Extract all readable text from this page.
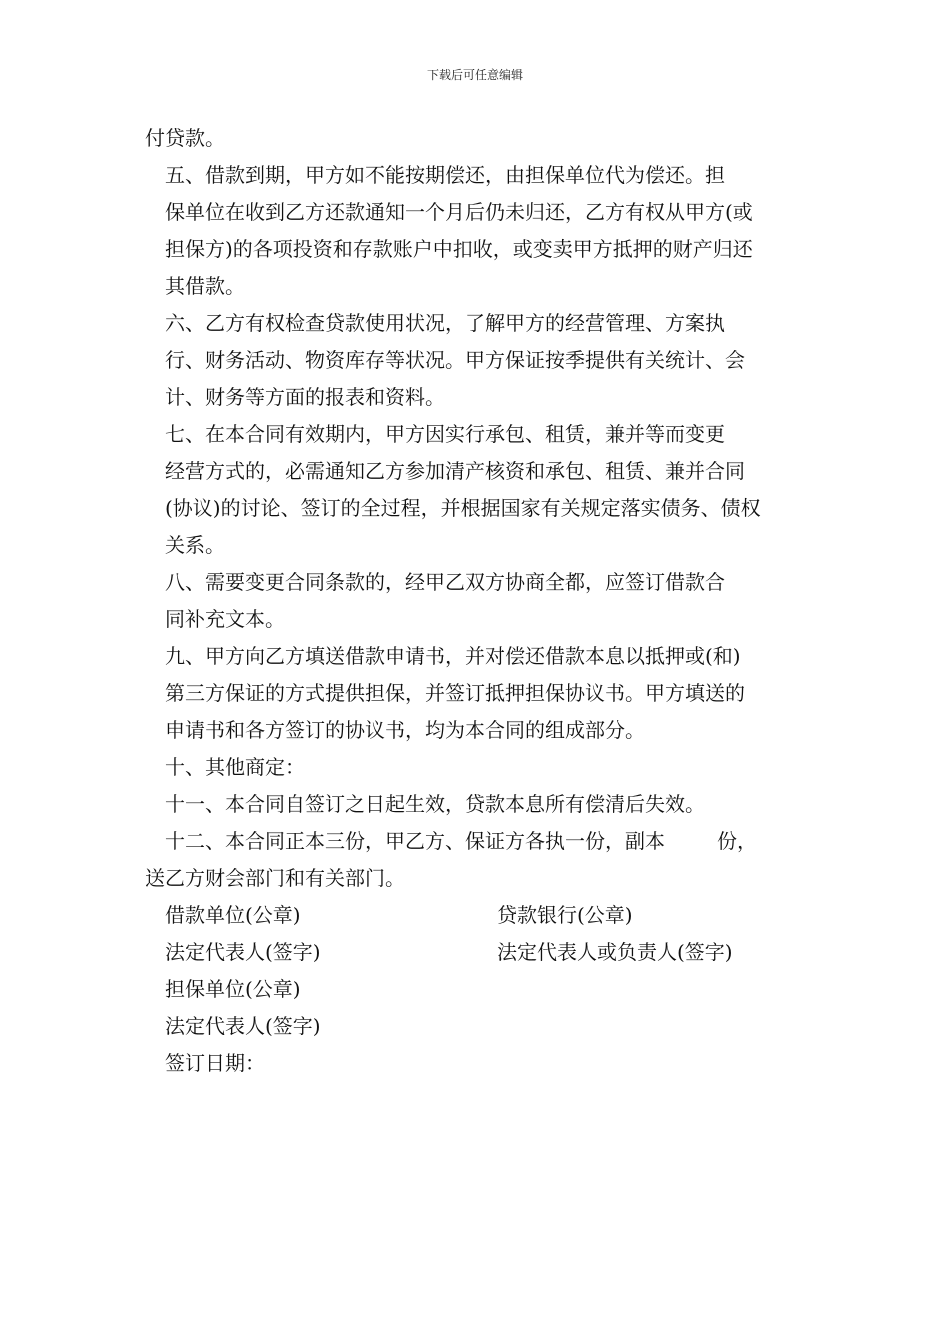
下载后可任意编辑
付贷款。
五、借款到期，甲方如不能按期偿还，由担保单位代为偿还。担
保单位在收到乙方还款通知一个月后仍未归还，乙方有权从甲方(或
担保方)的各项投资和存款账户中扣收，或变卖甲方抵押的财产归还
其借款。
六、乙方有权检查贷款使用状况，了解甲方的经营管理、方案执
行、财务活动、物资库存等状况。甲方保证按季提供有关统计、会
计、财务等方面的报表和资料。
七、在本合同有效期内，甲方因实行承包、租赁，兼并等而变更
经营方式的，必需通知乙方参加清产核资和承包、租赁、兼并合同
(协议)的讨论、签订的全过程，并根据国家有关规定落实债务、债权
关系。
八、需要变更合同条款的，经甲乙双方协商全都，应签订借款合
同补充文本。
九、甲方向乙方填送借款申请书，并对偿还借款本息以抵押或(和)
第三方保证的方式提供担保，并签订抵押担保协议书。甲方填送的
申请书和各方签订的协议书，均为本合同的组成部分。
十、其他商定：
十一、本合同自签订之日起生效，贷款本息所有偿清后失效。
十二、本合同正本三份，甲乙方、保证方各执一份，副本	份，
送乙方财会部门和有关部门。
借款单位(公章)	贷款银行(公章)
法定代表人(签字)	法定代表人或负责人(签字)
担保单位(公章)
法定代表人(签字)
签订日期：
